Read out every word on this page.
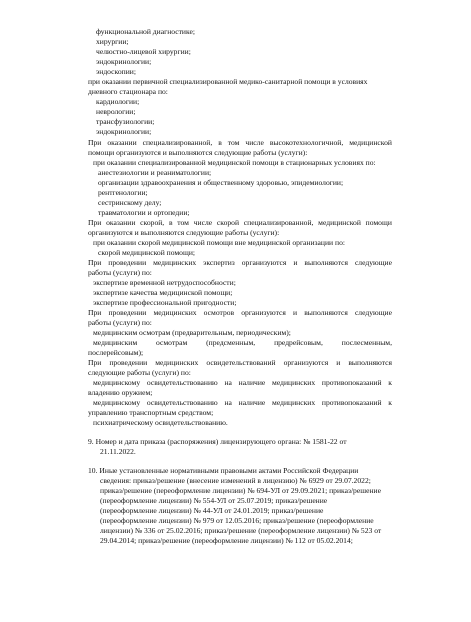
функциональной диагностике;
хирургии;
челюстно-лицевой хирургии;
эндокринологии;
эндоскопии;
при оказании первичной специализированной медико-санитарной помощи в условиях
дневного стационара по:
кардиологии;
неврологии;
трансфузиологии;
эндокринологии;
При оказании специализированной, в том числе высокотехнологичной, медицинской
помощи организуются и выполняются следующие работы (услуги):
при оказании специализированной медицинской помощи в стационарных условиях по:
анестезиологии и реаниматологии;
организации здравоохранения и общественному здоровью, эпидемиологии;
рентгенологии;
сестринскому делу;
травматологии и ортопедии;
При оказании скорой, в том числе скорой специализированной, медицинской помощи
организуются и выполняются следующие работы (услуги):
при оказании скорой медицинской помощи вне медицинской организации по:
скорой медицинской помощи;
При проведении медицинских экспертиз организуются и выполняются следующие
работы (услуги) по:
экспертизе временной нетрудоспособности;
экспертизе качества медицинской помощи;
экспертизе профессиональной пригодности;
При проведении медицинских осмотров организуются и выполняются следующие
работы (услуги) по:
медицинским осмотрам (предварительным, периодическим);
медицинским осмотрам (предсменным, предрейсовым, послесменным,
послерейсовым);
При проведении медицинских освидетельствований организуются и выполняются
следующие работы (услуги) по:
медицинскому освидетельствованию на наличие медицинских противопоказаний к
владению оружием;
медицинскому освидетельствованию на наличие медицинских противопоказаний к
управлению транспортным средством;
психиатрическому освидетельствованию.
9. Номер и дата приказа (распоряжения) лицензирующего органа: № 1581-22 от
21.11.2022.
10. Иные установленные нормативными правовыми актами Российской Федерации
сведения: приказ/решение (внесение изменений в лицензию) № 6929 от 29.07.2022;
приказ/решение (переоформление лицензии) № 694-УЛ от 29.09.2021; приказ/решение
(переоформление лицензии) № 554-УЛ от 25.07.2019; приказ/решение
(переоформление лицензии) № 44-УЛ от 24.01.2019; приказ/решение
(переоформление лицензии) № 979 от 12.05.2016; приказ/решение (переоформление
лицензии) № 336 от 25.02.2016; приказ/решение (переоформление лицензии) № 523 от
29.04.2014; приказ/решение (переоформление лицензии) № 112 от 05.02.2014;
